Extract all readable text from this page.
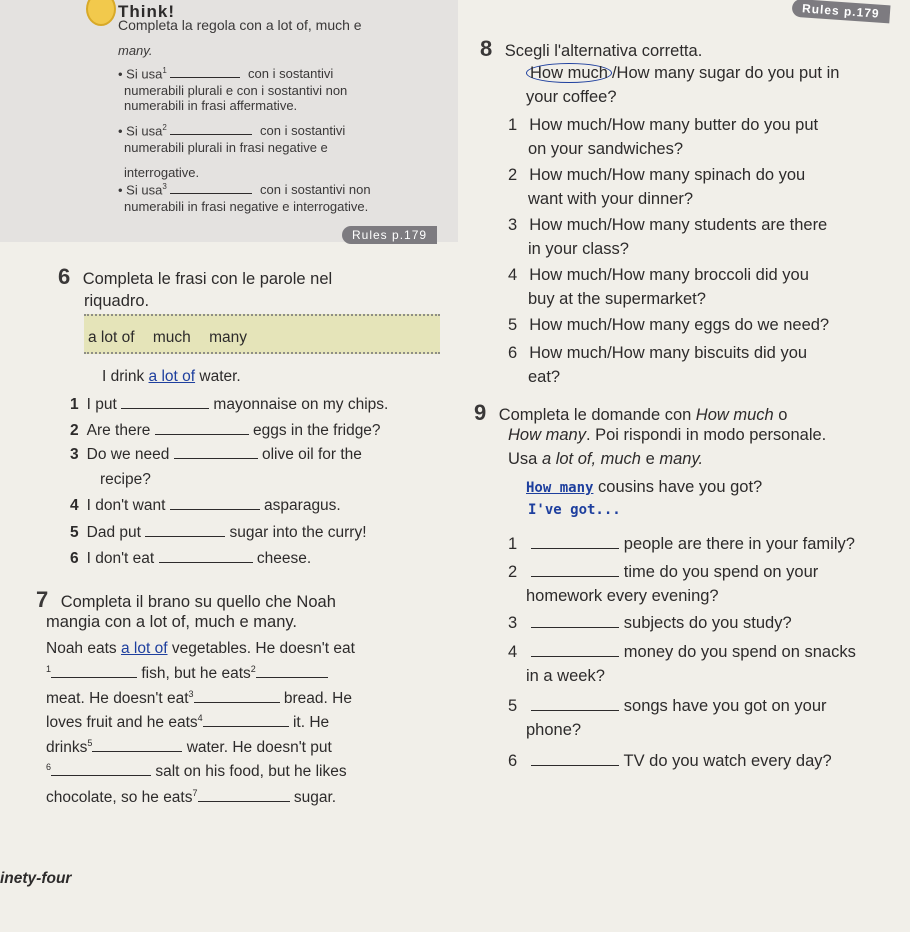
Think!
Completa la regola con a lot of, much e
many.
• Si usa$^1$	con i sostantivi
numerabili plurali e con i sostantivi non
numerabili in frasi affermative.
• Si usa$^2$	con i sostantivi
numerabili plurali in frasi negative e
interrogative.
• Si usa$^3$	con i sostantivi non
numerabili in frasi negative e interrogative.
Rules p.179
Rules p.179
6 Completa le frasi con le parole nel
riquadro.
a lot of much many
I drink a lot of water.
1 I put	mayonnaise on my chips.
2 Are there	eggs in the fridge?
3 Do we need	olive oil for the
recipe?
4 I don't want	asparagus.
5 Dad put	sugar into the curry!
6 I don't eat	cheese.
7 Completa il brano su quello che Noah
mangia con a lot of, much e many.
Noah eats a lot of vegetables. He doesn't eat
$^1$	fish, but he eats$^2$
meat. He doesn't eat$^3$	bread. He
loves fruit and he eats$^4$	it. He
drinks$^5$	water. He doesn't put
$^6$	salt on his food, but he likes
chocolate, so he eats$^7$	sugar.
inety-four
8 Scegli l'alternativa corretta.
How much /How many sugar do you put in
your coffee?
1 How much/How many butter do you put
on your sandwiches?
2 How much/How many spinach do you
want with your dinner?
3 How much/How many students are there
in your class?
4 How much/How many broccoli did you
buy at the supermarket?
5 How much/How many eggs do we need?
6 How much/How many biscuits did you
eat?
9 Completa le domande con How much o
How many. Poi rispondi in modo personale.
Usa a lot of, much e many.
How many cousins have you got?
I've got...
1	people are there in your family?
2	time do you spend on your
homework every evening?
3	subjects do you study?
4	money do you spend on snacks
in a week?
5	songs have you got on your
phone?
6	TV do you watch every day?
